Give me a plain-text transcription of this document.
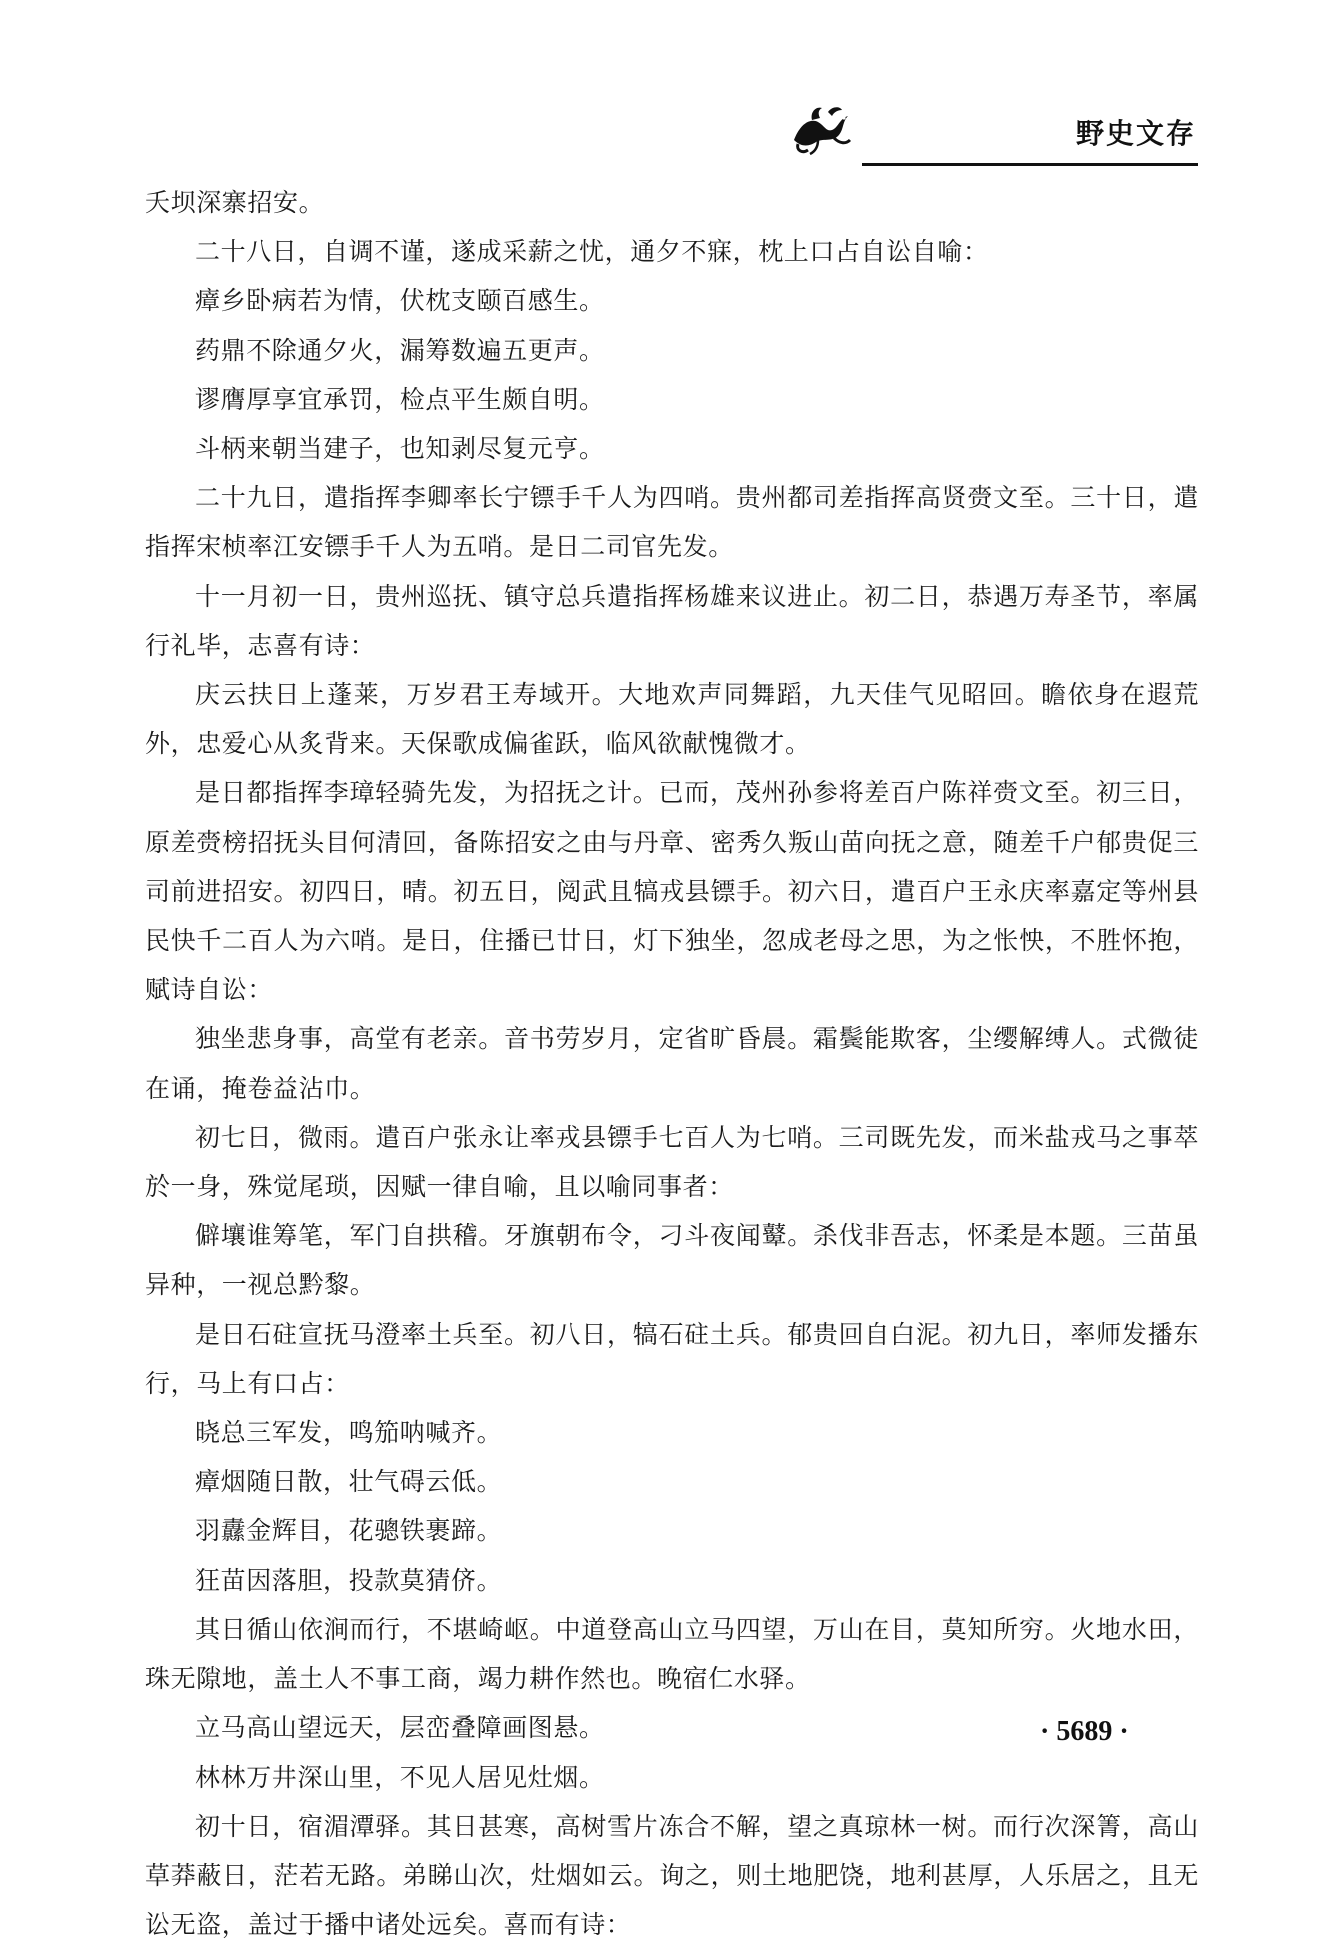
野史文存

夭坝深寨招安。

二十八日，自调不谨，遂成采薪之忧，通夕不寐，枕上口占自讼自喻：

瘴乡卧病若为情，伏枕支颐百感生。

药鼎不除通夕火，漏筹数遍五更声。

谬膺厚享宜承罚，检点平生颇自明。

斗柄来朝当建子，也知剥尽复元亨。

二十九日，遣指挥李卿率长宁镖手千人为四哨。贵州都司差指挥高贤赍文至。三十日，遣指挥宋桢率江安镖手千人为五哨。是日二司官先发。

十一月初一日，贵州巡抚、镇守总兵遣指挥杨雄来议进止。初二日，恭遇万寿圣节，率属行礼毕，志喜有诗：

庆云扶日上蓬莱，万岁君王寿域开。大地欢声同舞蹈，九天佳气见昭回。瞻依身在遐荒外，忠爱心从炙背来。天保歌成偏雀跃，临风欲献愧微才。

是日都指挥李璋轻骑先发，为招抚之计。已而，茂州孙参将差百户陈祥赍文至。初三日，原差赍榜招抚头目何清回，备陈招安之由与丹章、密秀久叛山苗向抚之意，随差千户郁贵促三司前进招安。初四日，晴。初五日，阅武且犒戎县镖手。初六日，遣百户王永庆率嘉定等州县民快千二百人为六哨。是日，住播已廿日，灯下独坐，忽成老母之思，为之怅怏，不胜怀抱，赋诗自讼：

独坐悲身事，高堂有老亲。音书劳岁月，定省旷昏晨。霜鬓能欺客，尘缨解缚人。式微徒在诵，掩卷益沾巾。

初七日，微雨。遣百户张永让率戎县镖手七百人为七哨。三司既先发，而米盐戎马之事萃於一身，殊觉尾琐，因赋一律自喻，且以喻同事者：

僻壤谁筹笔，军门自拱稽。牙旗朝布令，刁斗夜闻鼙。杀伐非吾志，怀柔是本题。三苗虽异种，一视总黔黎。

是日石砫宣抚马澄率土兵至。初八日，犒石砫土兵。郁贵回自白泥。初九日，率师发播东行，马上有口占：

晓总三军发，鸣笳呐喊齐。

瘴烟随日散，壮气碍云低。

羽纛金辉目，花骢铁裹蹄。

狂苗因落胆，投款莫猜侪。

其日循山依涧而行，不堪崎岖。中道登高山立马四望，万山在目，莫知所穷。火地水田，珠无隙地，盖土人不事工商，竭力耕作然也。晚宿仁水驿。

立马高山望远天，层峦叠障画图悬。

林林万井深山里，不见人居见灶烟。

初十日，宿湄潭驿。其日甚寒，高树雪片冻合不解，望之真琼林一树。而行次深箐，高山草莽蔽日，茫若无路。弟睇山次，灶烟如云。询之，则土地肥饶，地利甚厚，人乐居之，且无讼无盗，盖过于播中诸处远矣。喜而有诗：

· 5689 ·
